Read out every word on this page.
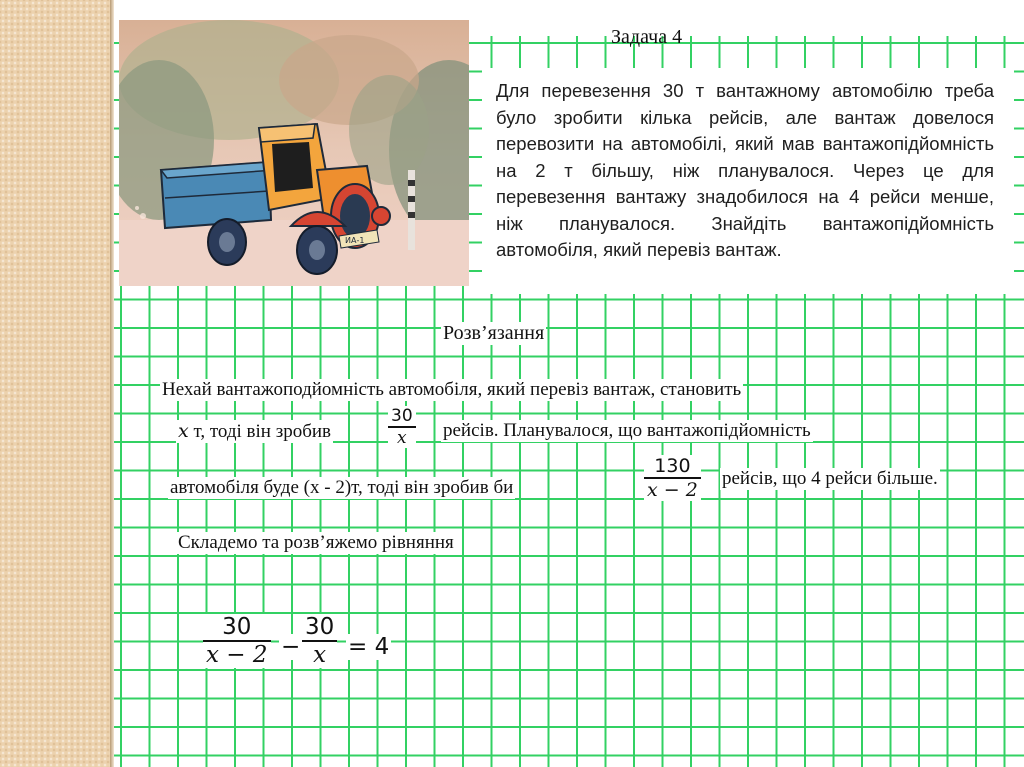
ИА-1

Для перевезення 30 т вантажному автомобілю треба було зробити кілька рейсів, але вантаж довелося перевозити на автомобілі, який мав вантажопідйомність на 2 т більшу, ніж планувалося. Через це для перевезення вантажу знадобилося на 4 рейси менше, ніж планувалося. Знайдіть вантажопідйомність автомобіля, який перевіз вантаж.

Задача 4

Розв’язання

Нехай вантажоподйомність автомобіля, який перевіз вантаж, становить

x т, тоді він зробив

30
x рейсів. Планувалося, що вантажопідйомність

автомобіля буде (x - 2)т, тоді він зробив би

130
x − 2

рейсів, що 4 рейси більше.

Складемо та розв’яжемо рівняння

30
x − 2 −

30
x = 4
